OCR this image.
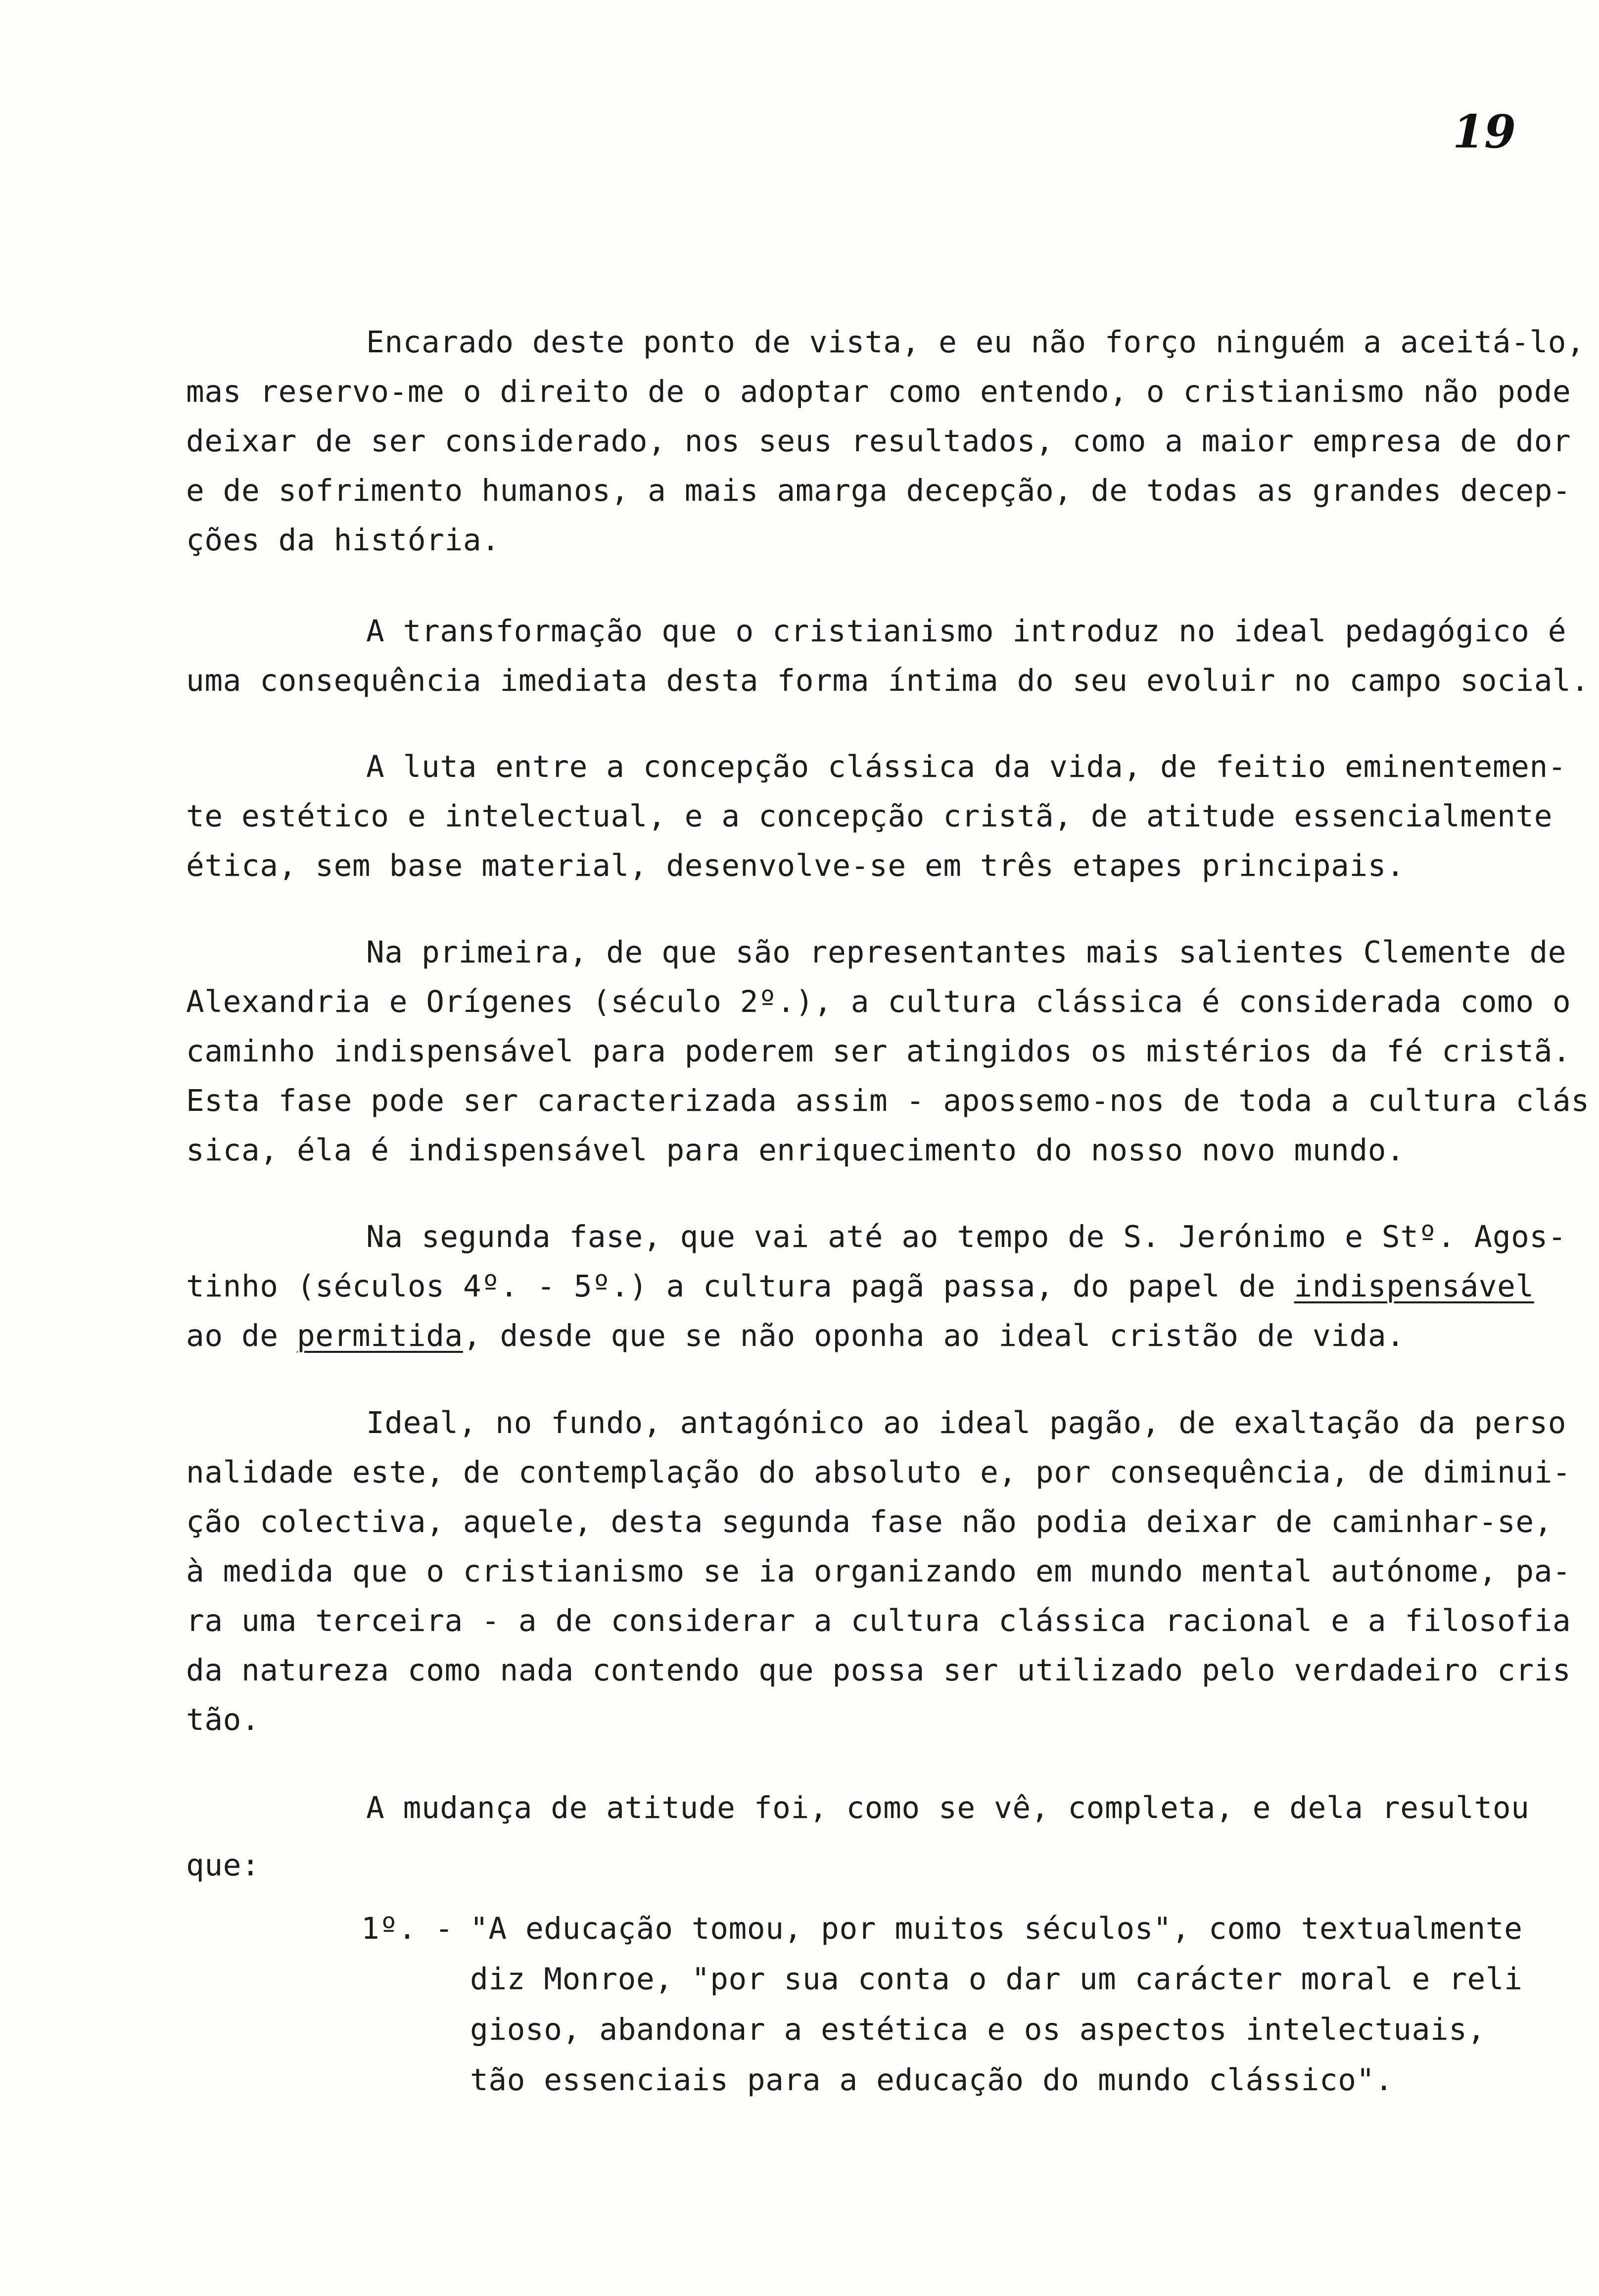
19
Encarado deste ponto de vista, e eu não forço ninguém a aceitá-lo,
mas reservo-me o direito de o adoptar como entendo, o cristianismo não pode
deixar de ser considerado, nos seus resultados, como a maior empresa de dor
e de sofrimento humanos, a mais amarga decepção, de todas as grandes decep-
ções da história.
A transformação que o cristianismo introduz no ideal pedagógico é
uma consequência imediata desta forma íntima do seu evoluir no campo social.
A luta entre a concepção clássica da vida, de feitio eminentemen-
te estético e intelectual, e a concepção cristã, de atitude essencialmente
ética, sem base material, desenvolve-se em três etapes principais.
Na primeira, de que são representantes mais salientes Clemente de
Alexandria e Orígenes (século 2º.), a cultura clássica é considerada como o
caminho indispensável para poderem ser atingidos os mistérios da fé cristã.
Esta fase pode ser caracterizada assim - apossemo-nos de toda a cultura clás
sica, éla é indispensável para enriquecimento do nosso novo mundo.
Na segunda fase, que vai até ao tempo de S. Jerónimo e Stº. Agos-
tinho (séculos 4º. - 5º.) a cultura pagã passa, do papel de indispensável
ao de permitida, desde que se não oponha ao ideal cristão de vida.
Ideal, no fundo, antagónico ao ideal pagão, de exaltação da perso
nalidade este, de contemplação do absoluto e, por consequência, de diminui-
ção colectiva, aquele, desta segunda fase não podia deixar de caminhar-se,
à medida que o cristianismo se ia organizando em mundo mental autónome, pa-
ra uma terceira - a de considerar a cultura clássica racional e a filosofia
da natureza como nada contendo que possa ser utilizado pelo verdadeiro cris
tão.
A mudança de atitude foi, como se vê, completa, e dela resultou
que:
1º. - "A educação tomou, por muitos séculos", como textualmente
diz Monroe, "por sua conta o dar um carácter moral e reli
gioso, abandonar a estética e os aspectos intelectuais,
tão essenciais para a educação do mundo clássico".
